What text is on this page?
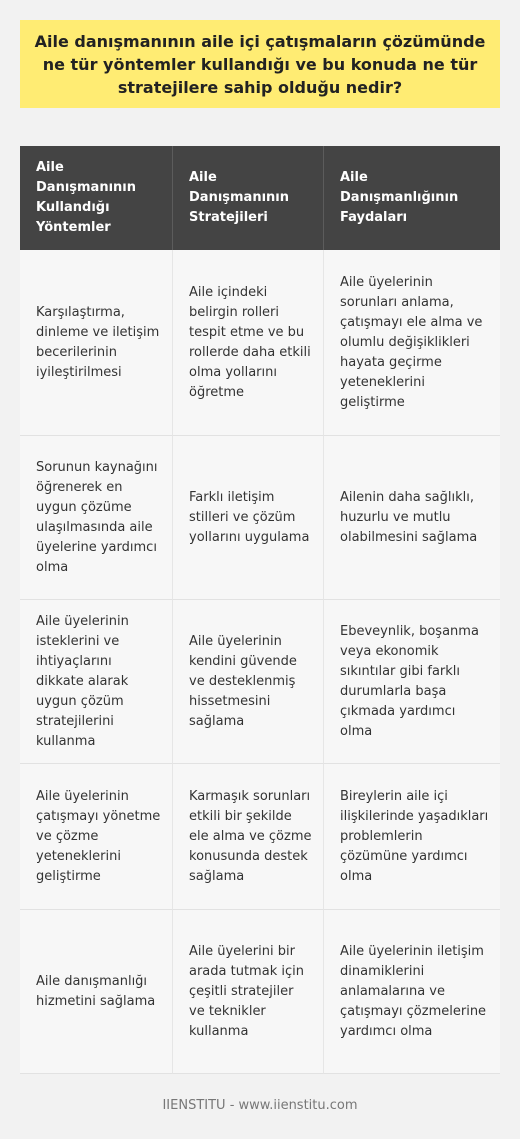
Aile danışmanının aile içi çatışmaların çözümünde ne tür yöntemler kullandığı ve bu konuda ne tür stratejilere sahip olduğu nedir?
Aile Danışmanının Kullandığı Yöntemler	Aile Danışmanının Stratejileri	Aile Danışmanlığının Faydaları
Karşılaştırma, dinleme ve iletişim becerilerinin iyileştirilmesi	Aile içindeki belirgin rolleri tespit etme ve bu rollerde daha etkili olma yollarını öğretme	Aile üyelerinin sorunları anlama, çatışmayı ele alma ve olumlu değişiklikleri hayata geçirme yeteneklerini geliştirme
Sorunun kaynağını öğrenerek en uygun çözüme ulaşılmasında aile üyelerine yardımcı olma	Farklı iletişim stilleri ve çözüm yollarını uygulama	Ailenin daha sağlıklı, huzurlu ve mutlu olabilmesini sağlama
Aile üyelerinin isteklerini ve ihtiyaçlarını dikkate alarak uygun çözüm stratejilerini kullanma	Aile üyelerinin kendini güvende ve desteklenmiş hissetmesini sağlama	Ebeveynlik, boşanma veya ekonomik sıkıntılar gibi farklı durumlarla başa çıkmada yardımcı olma
Aile üyelerinin çatışmayı yönetme ve çözme yeteneklerini geliştirme	Karmaşık sorunları etkili bir şekilde ele alma ve çözme konusunda destek sağlama	Bireylerin aile içi ilişkilerinde yaşadıkları problemlerin çözümüne yardımcı olma
Aile danışmanlığı hizmetini sağlama	Aile üyelerini bir arada tutmak için çeşitli stratejiler ve teknikler kullanma	Aile üyelerinin iletişim dinamiklerini anlamalarına ve çatışmayı çözmelerine yardımcı olma
IIENSTITU - www.iienstitu.com
